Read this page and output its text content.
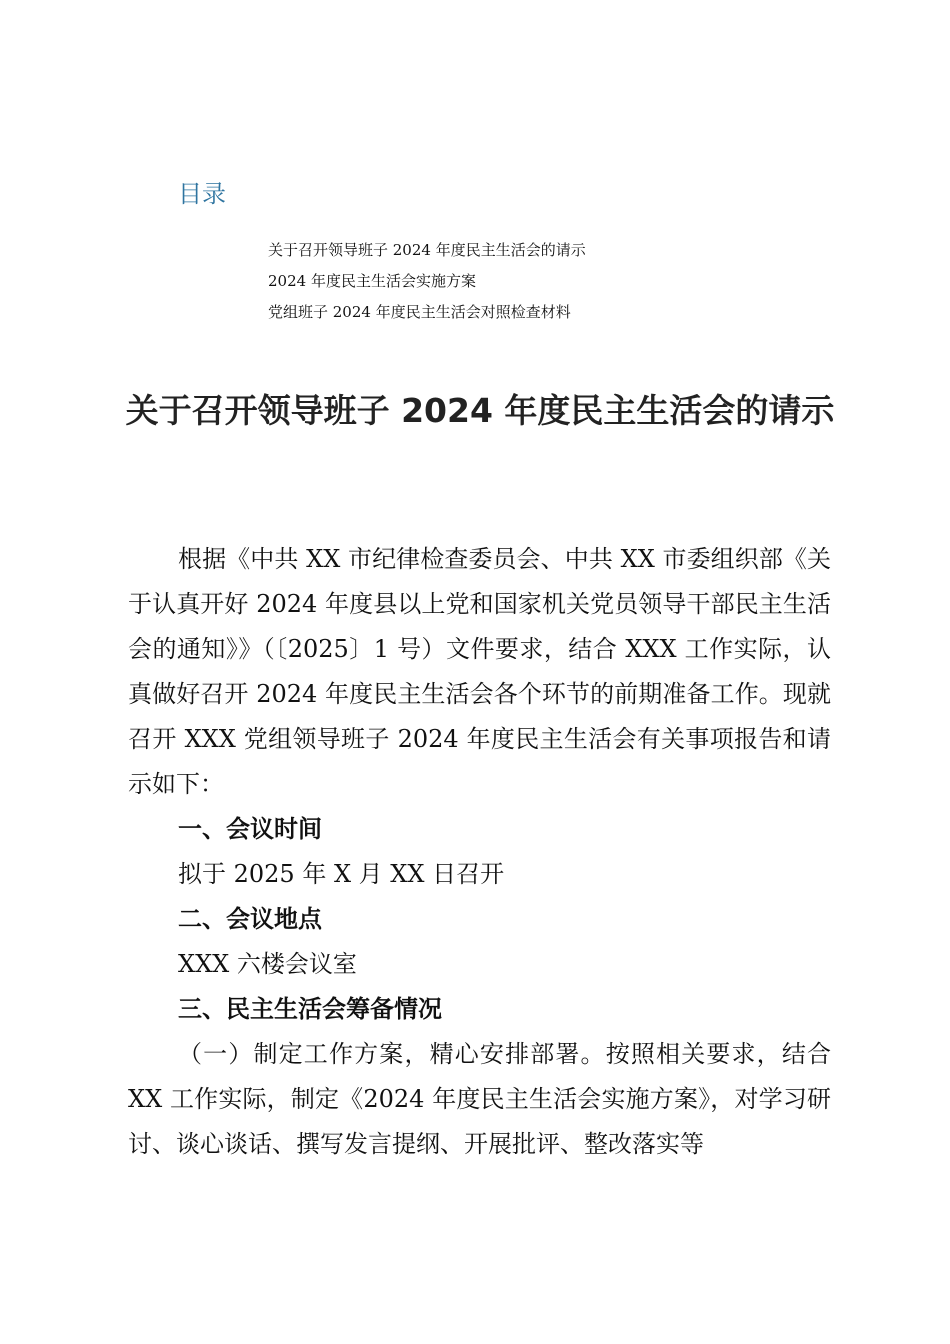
目录
关于召开领导班子 2024 年度民主生活会的请示
2024 年度民主生活会实施方案
党组班子 2024 年度民主生活会对照检查材料
关于召开领导班子 2024 年度民主生活会的请示

根据《中共 XX 市纪律检查委员会、中共 XX 市委组织部《关于认真开好 2024 年度县以上党和国家机关党员领导干部民主生活会的通知》》（〔2025〕1 号）文件要求，结合 XXX 工作实际，认真做好召开 2024 年度民主生活会各个环节的前期准备工作。现就召开 XXX 党组领导班子 2024 年度民主生活会有关事项报告和请示如下：

一、会议时间

拟于 2025 年 X 月 XX 日召开

二、会议地点

XXX 六楼会议室

三、民主生活会筹备情况

（一）制定工作方案，精心安排部署。按照相关要求，结合 XX 工作实际，制定《2024 年度民主生活会实施方案》，对学习研讨、谈心谈话、撰写发言提纲、开展批评、整改落实等
